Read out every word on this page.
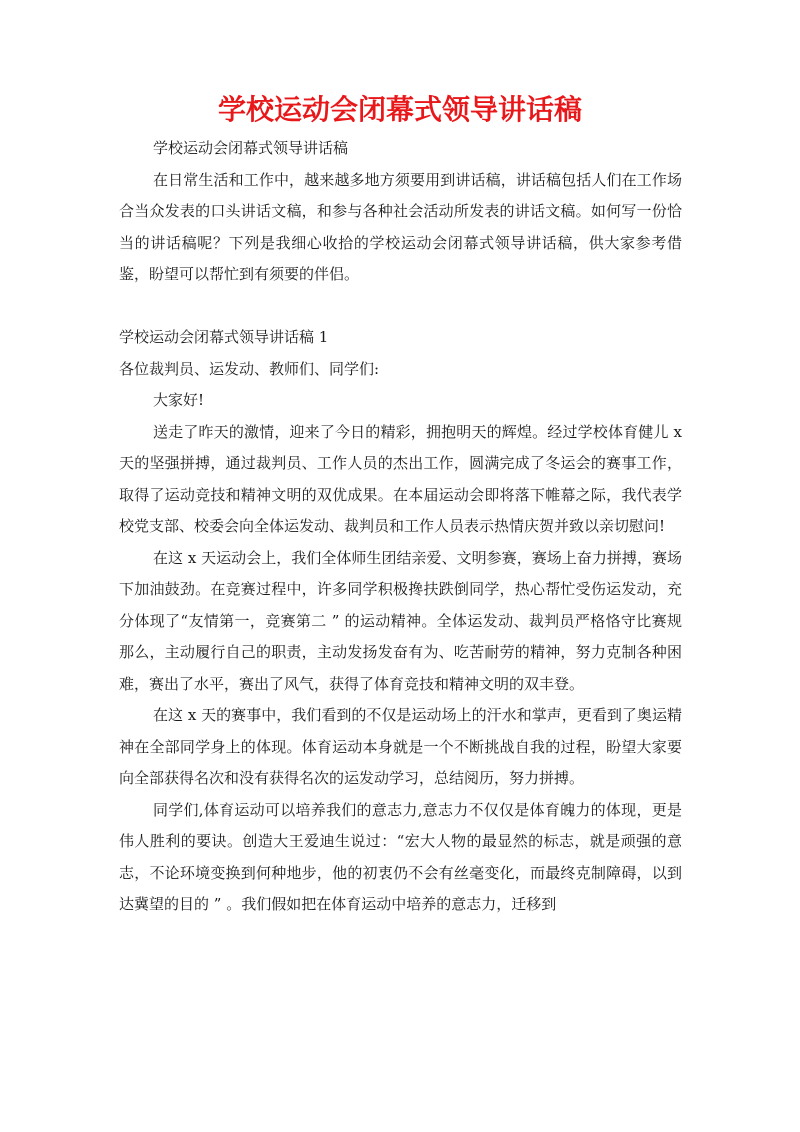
学校运动会闭幕式领导讲话稿

学校运动会闭幕式领导讲话稿

在日常生活和工作中，越来越多地方须要用到讲话稿，讲话稿包括人们在工作场合当众发表的口头讲话文稿，和参与各种社会活动所发表的讲话文稿。如何写一份恰当的讲话稿呢？下列是我细心收拾的学校运动会闭幕式领导讲话稿，供大家参考借鉴，盼望可以帮忙到有须要的伴侣。

学校运动会闭幕式领导讲话稿 1

各位裁判员、运发动、教师们、同学们:

大家好!

送走了昨天的激情，迎来了今日的精彩，拥抱明天的辉煌。经过学校体育健儿 x 天的坚强拼搏，通过裁判员、工作人员的杰出工作，圆满完成了冬运会的赛事工作，取得了运动竞技和精神文明的双优成果。在本届运动会即将落下帷幕之际，我代表学校党支部、校委会向全体运发动、裁判员和工作人员表示热情庆贺并致以亲切慰问!

在这 x 天运动会上，我们全体师生团结亲爱、文明参赛，赛场上奋力拼搏，赛场下加油鼓劲。在竞赛过程中，许多同学积极搀扶跌倒同学，热心帮忙受伤运发动，充分体现了“友情第一，竞赛第二 ” 的运动精神。全体运发动、裁判员严格恪守比赛规那么，主动履行自己的职责，主动发扬发奋有为、吃苦耐劳的精神，努力克制各种困难，赛出了水平，赛出了风气，获得了体育竞技和精神文明的双丰登。

在这 x 天的赛事中，我们看到的不仅是运动场上的汗水和掌声，更看到了奥运精神在全部同学身上的体现。体育运动本身就是一个不断挑战自我的过程，盼望大家要向全部获得名次和没有获得名次的运发动学习，总结阅历，努力拼搏。

同学们,体育运动可以培养我们的意志力,意志力不仅仅是体育魄力的体现，更是伟人胜利的要诀。创造大王爱迪生说过：“宏大人物的最显然的标志，就是顽强的意志，不论环境变换到何种地步，他的初衷仍不会有丝毫变化，而最终克制障碍，以到达冀望的目的 ” 。我们假如把在体育运动中培养的意志力，迁移到
